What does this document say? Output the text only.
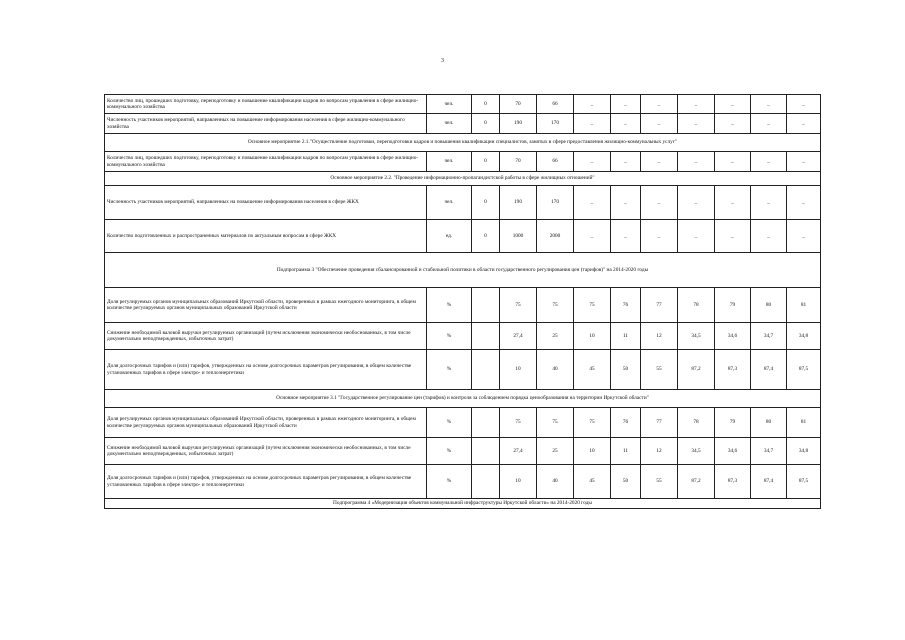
3
Количество лиц, прошедших подготовку, переподготовку и повышение квалификации кадров по вопросам управления в сфере жилищно-коммунального хозяйства	чел.	0	70	66	_	_	_	_	_	_	_
Численность участников мероприятий, направленных на повышение информирования населения в сфере жилищно-коммунального хозяйства	чел.	0	190	170	_	_	_	_	_	_	_
Основное мероприятие 2.1."Осуществление подготовки, переподготовки кадров и повышения квалификации специалистов, занятых в сфере предоставления жилищно-коммунальных услуг"											
Количество лиц, прошедших подготовку, переподготовку и повышение квалификации кадров по вопросам управления в сфере жилищно-коммунального хозяйства	чел.	0	70	66	_	_	_	_	_	_	_
Основное мероприятие 2.2. "Проведение информационно-пропагандистской работы в сфере жилищных отношений"											
Численность участников мероприятий, направленных на повышение информирования населения в сфере ЖКХ	чел.	0	190	170	_	_	_	_	_	_	_
Количество подготовленных и распространенных материалов по актуальным вопросам в сфере ЖКХ	ед.	0	1000	2000	_	_	_	_	_	_	_
Подпрограмма 3 "Обеспечение проведения сбалансированной и стабильной политики в области государственного регулирования цен (тарифов)" на 2014-2020 годы											
Доля регулируемых органов муниципальных образований Иркутской области, проверенных в рамках ежегодного мониторинга, в общем количестве регулируемых органов муниципальных образований Иркутской области	%		75	75	75	76	77	78	79	80	81
Снижение необходимой валовой выручки регулируемых организаций (путем исключения экономически необоснованных, в том числе документально неподтвержденных, избыточных затрат)	%		27,4	25	10	11	12	34,5	34,6	34,7	34,8
Доля долгосрочных тарифов и (или) тарифов, утвержденных на основе долгосрочных параметров регулирования, в общем количестве установленных тарифов в сфере электро- и теплоэнергетики	%		10	40	45	50	55	87,2	87,3	87,4	87,5
Основное мероприятие 3.1 "Государственное регулирование цен (тарифов) и контроля за соблюдением порядка ценообразования на территории Иркутской области"											
Доля регулируемых органов муниципальных образований Иркутской области, проверенных в рамках ежегодного мониторинга, в общем количестве регулируемых органов муниципальных образований Иркутской области	%		75	75	75	76	77	78	79	80	81
Снижение необходимой валовой выручки регулируемых организаций (путем исключения экономически необоснованных, в том числе документально неподтвержденных, избыточных затрат)	%		27,4	25	10	11	12	34,5	34,6	34,7	34,8
Доля долгосрочных тарифов и (или) тарифов, утвержденных на основе долгосрочных параметров регулирования, в общем количестве установленных тарифов в сфере электро- и теплоэнергетики	%		10	40	45	50	55	87,2	87,3	87,4	87,5
Подпрограмма 4 «Модернизация объектов коммунальной инфраструктуры Иркутской области» на 2014-2020 годы											
